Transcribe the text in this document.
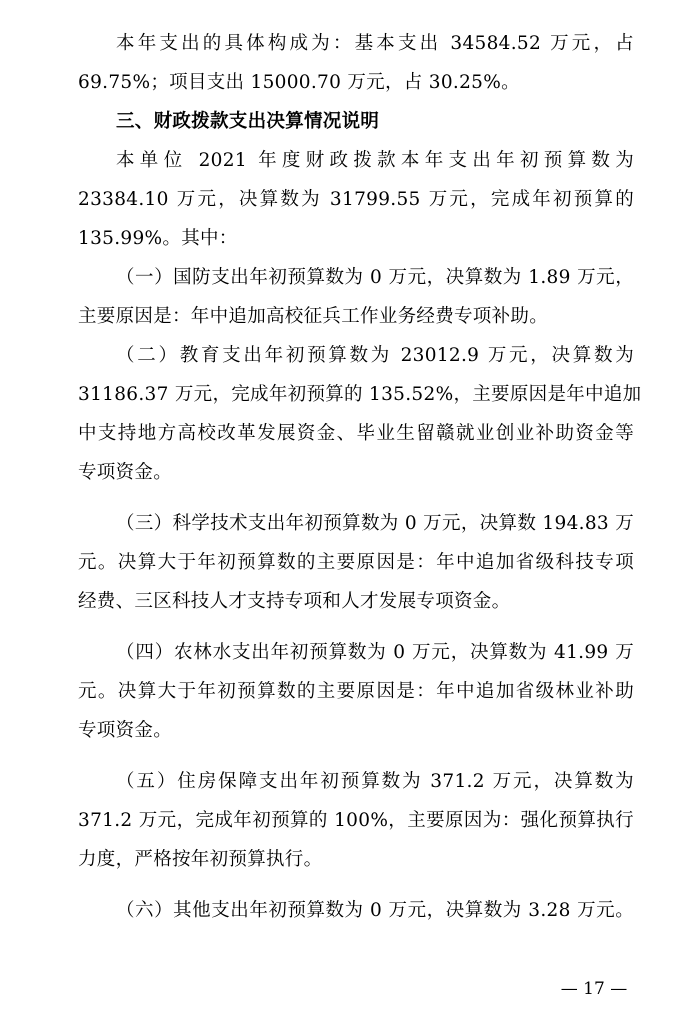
本年支出的具体构成为：基本支出 34584.52 万元，占
69.75%；项目支出 15000.70 万元，占 30.25%。
三、财政拨款支出决算情况说明
本单位 2021 年度财政拨款本年支出年初预算数为
23384.10 万元，决算数为 31799.55 万元，完成年初预算的
135.99%。其中：
（一）国防支出年初预算数为 0 万元，决算数为 1.89 万元，
主要原因是：年中追加高校征兵工作业务经费专项补助。
（二）教育支出年初预算数为 23012.9 万元，决算数为
31186.37 万元，完成年初预算的 135.52%，主要原因是年中追加
中支持地方高校改革发展资金、毕业生留赣就业创业补助资金等
专项资金。
（三）科学技术支出年初预算数为 0 万元，决算数 194.83 万
元。决算大于年初预算数的主要原因是：年中追加省级科技专项
经费、三区科技人才支持专项和人才发展专项资金。
（四）农林水支出年初预算数为 0 万元，决算数为 41.99 万
元。决算大于年初预算数的主要原因是：年中追加省级林业补助
专项资金。
（五）住房保障支出年初预算数为 371.2 万元，决算数为
371.2 万元，完成年初预算的 100%，主要原因为：强化预算执行
力度，严格按年初预算执行。
（六）其他支出年初预算数为 0 万元，决算数为 3.28 万元。
— 17 —
